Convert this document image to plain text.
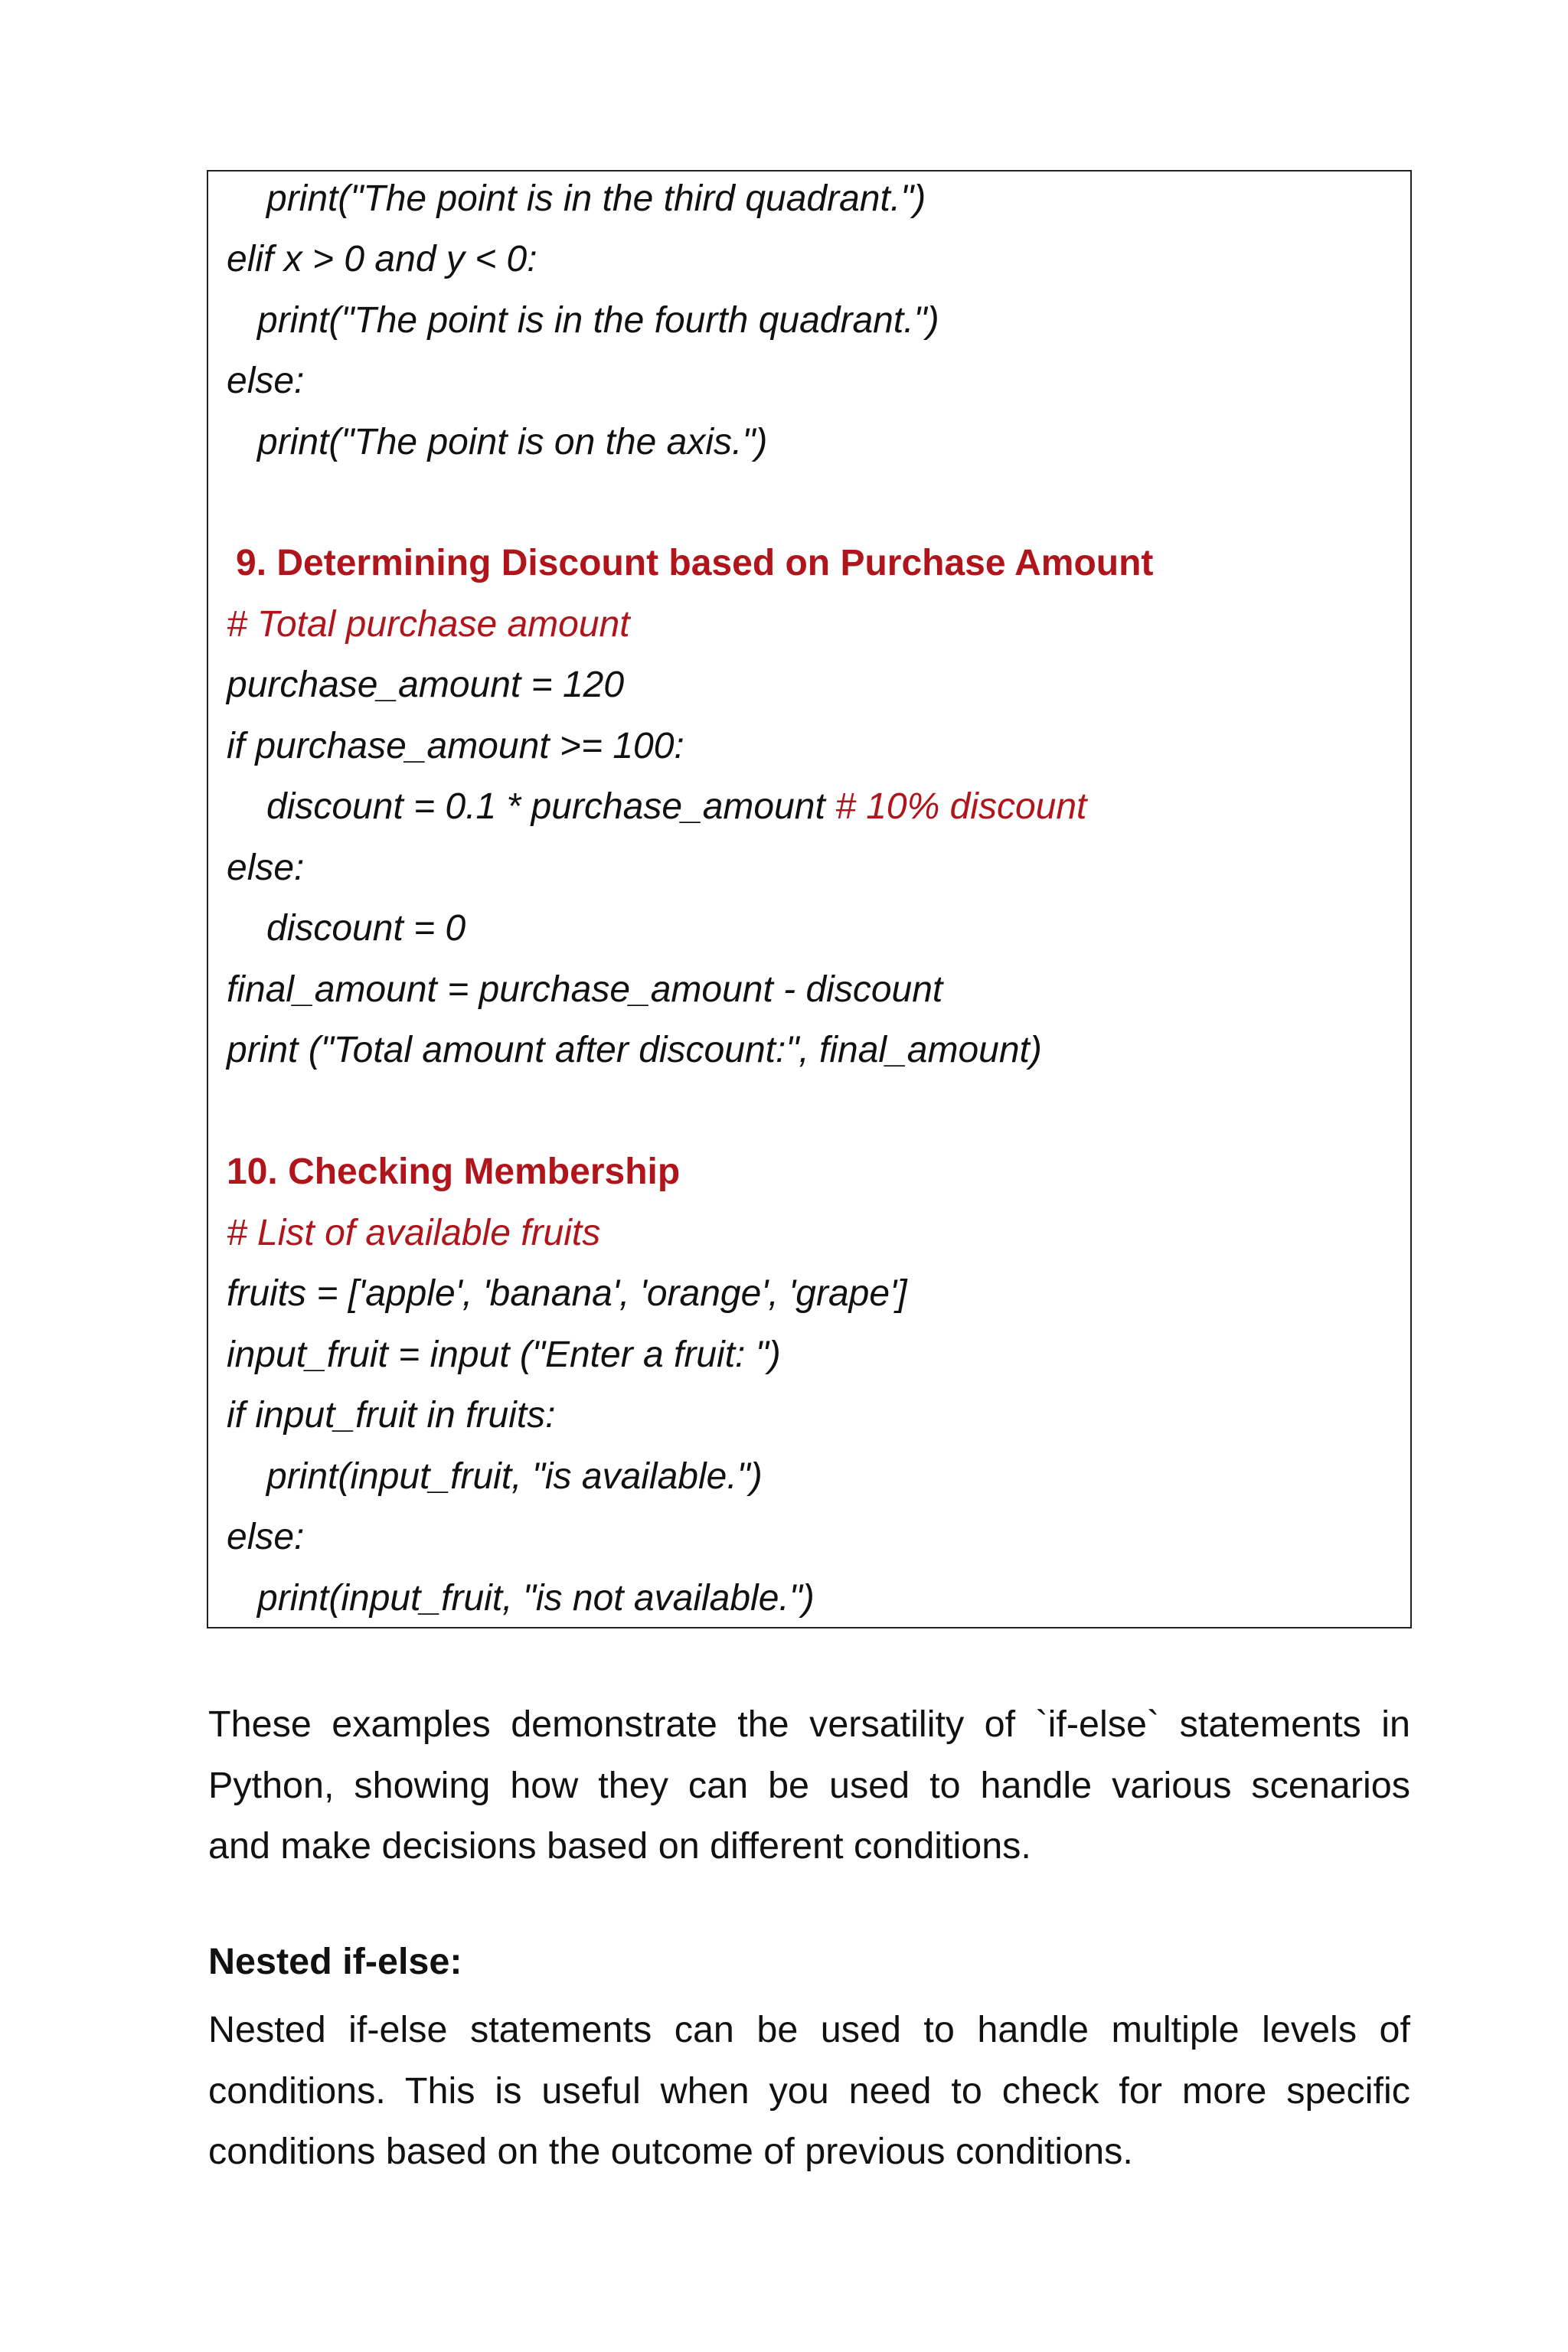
print("The point is in the third quadrant.")
elif x > 0 and y < 0:
print("The point is in the fourth quadrant.")
else:
print("The point is on the axis.")
9. Determining Discount based on Purchase Amount
# Total purchase amount
purchase_amount = 120
if purchase_amount >= 100:
discount = 0.1 * purchase_amount # 10% discount
else:
discount = 0
final_amount = purchase_amount - discount
print ("Total amount after discount:", final_amount)
10. Checking Membership
# List of available fruits
fruits = ['apple', 'banana', 'orange', 'grape']
input_fruit = input ("Enter a fruit: ")
if input_fruit in fruits:
print(input_fruit, "is available.")
else:
print(input_fruit, "is not available.")
These examples demonstrate the versatility of `if-else` statements in
Python, showing how they can be used to handle various scenarios
and make decisions based on different conditions.
Nested if-else:
Nested if-else statements can be used to handle multiple levels of
conditions. This is useful when you need to check for more specific
conditions based on the outcome of previous conditions.
